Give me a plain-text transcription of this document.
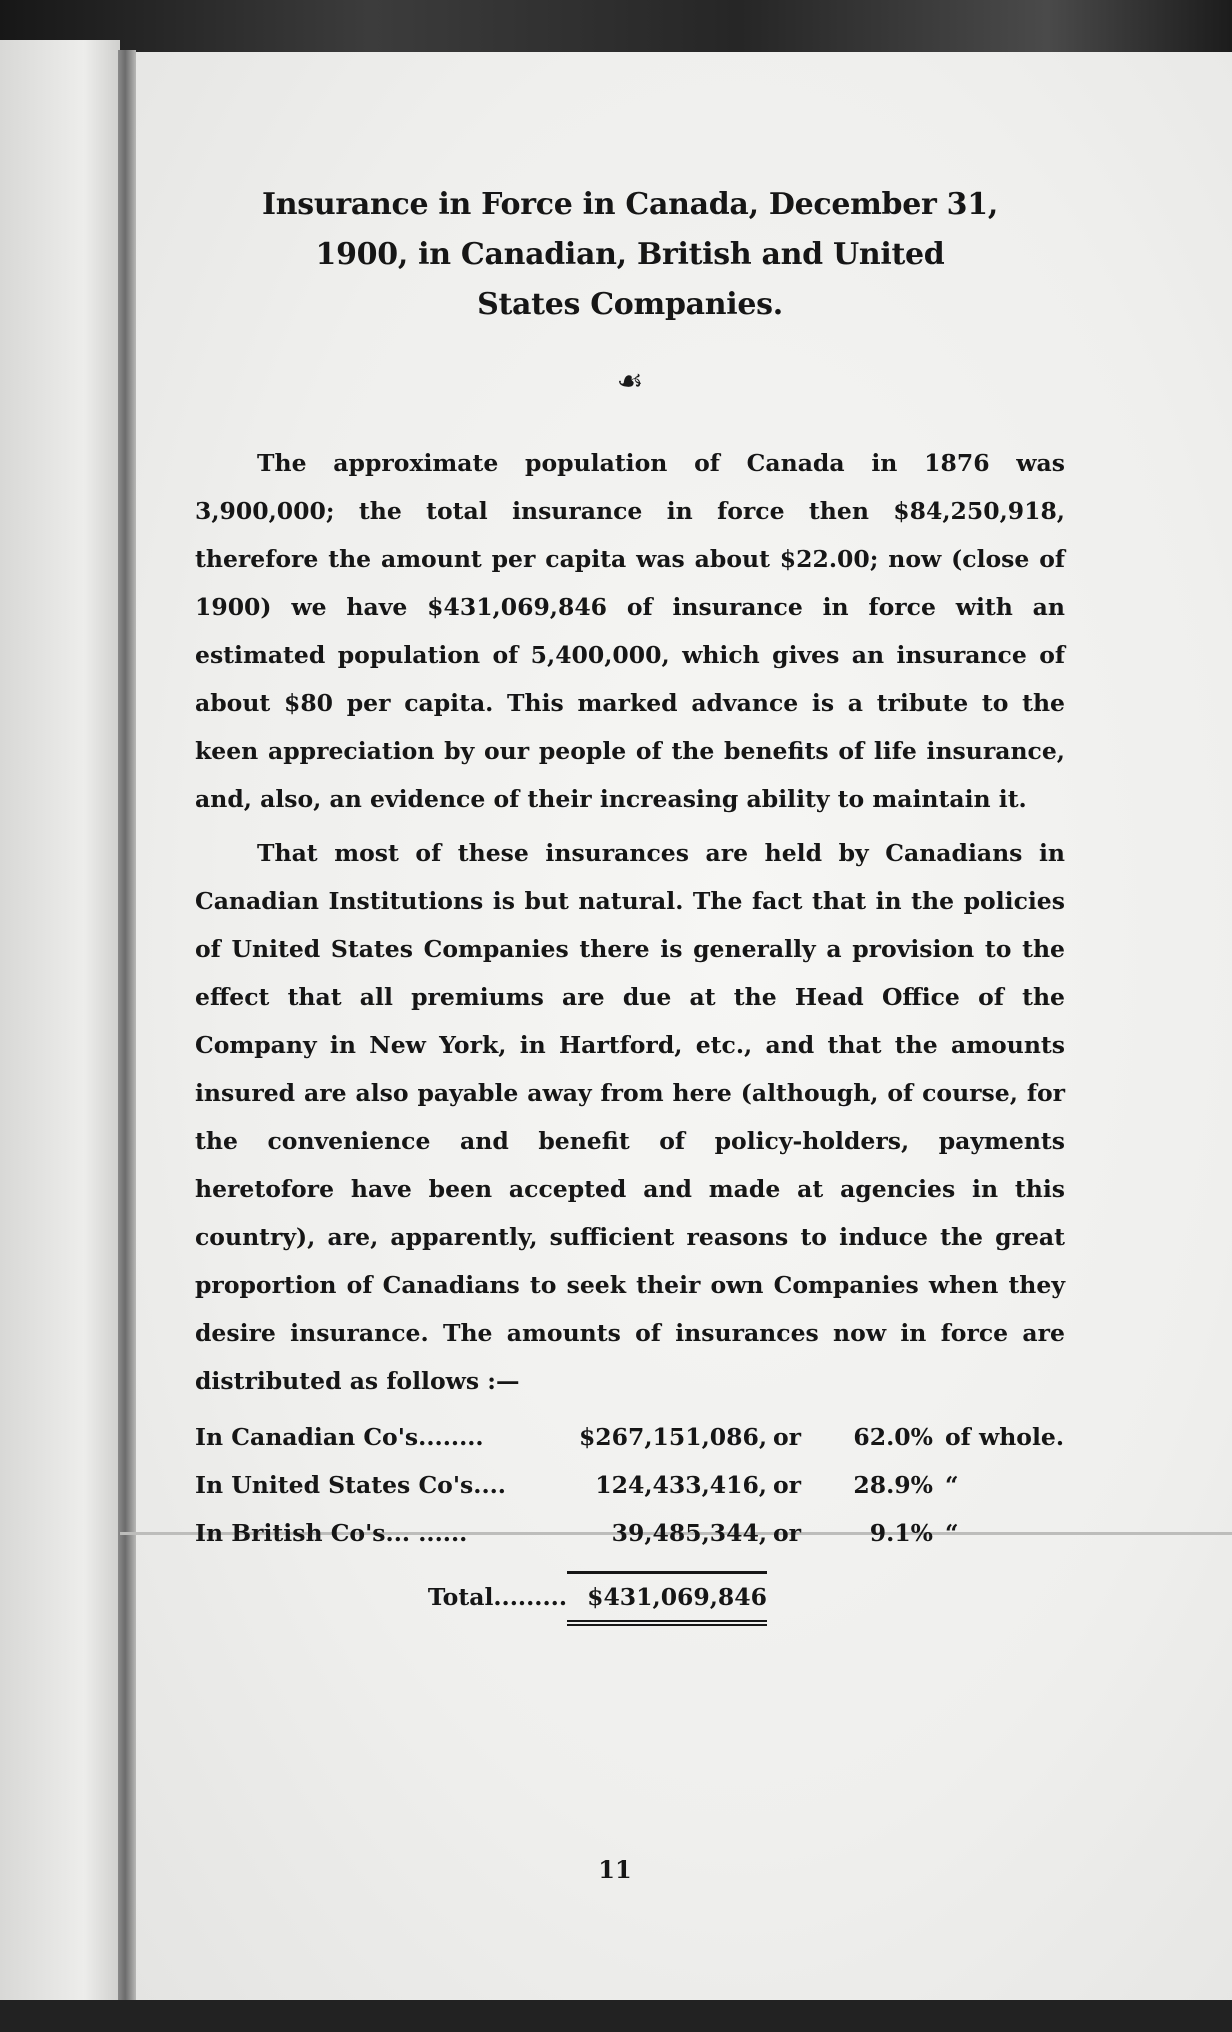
Insurance in Force in Canada, December 31,
1900, in Canadian, British and United
States Companies.
☙

The approximate population of Canada in 1876 was 3,900,000; the total insurance in force then $84,250,918, therefore the amount per capita was about $22.00; now (close of 1900) we have $431,069,846 of insurance in force with an estimated population of 5,400,000, which gives an insurance of about $80 per capita. This marked advance is a tribute to the keen appreciation by our people of the benefits of life insurance, and, also, an evidence of their increasing ability to maintain it.

That most of these insurances are held by Canadians in Canadian Institutions is but natural. The fact that in the policies of United States Companies there is generally a provision to the effect that all premiums are due at the Head Office of the Company in New York, in Hartford, etc., and that the amounts insured are also payable away from here (although, of course, for the convenience and benefit of policy-holders, payments heretofore have been accepted and made at agencies in this country), are, apparently, sufficient reasons to induce the great proportion of Canadians to seek their own Companies when they desire insurance. The amounts of insurances now in force are distributed as follows :—

In Canadian Co's........	$267,151,086, or	62.0% of whole.
In United States Co's....	124,433,416, or	28.9% “
In British Co's... ......	39,485,344, or	9.1% “
Total......... $431,069,846
11
